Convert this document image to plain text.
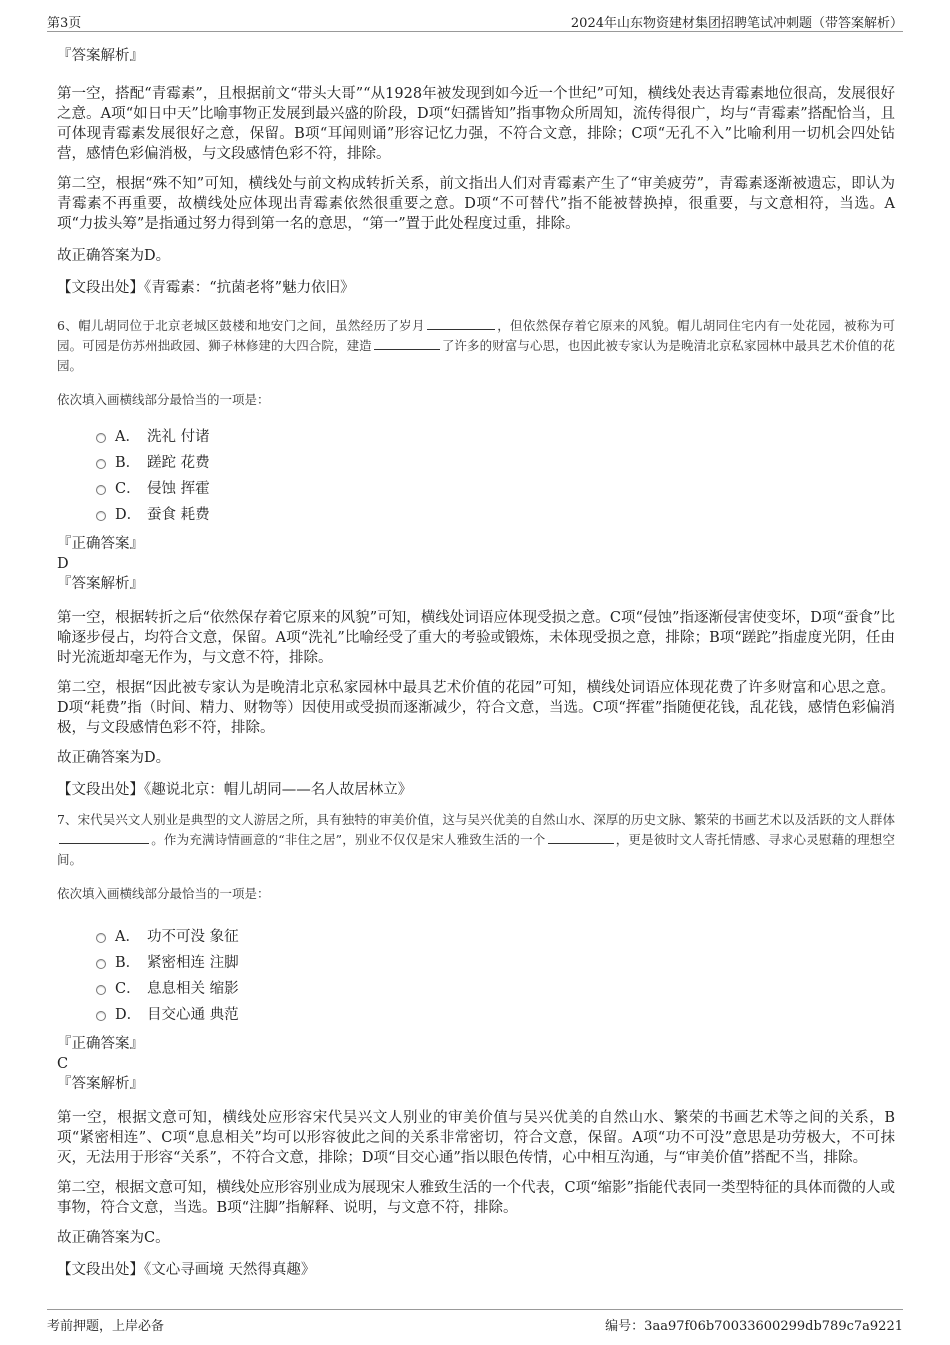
第3页	2024年山东物资建材集团招聘笔试冲刺题（带答案解析）
『答案解析』
第一空，搭配“青霉素”，且根据前文“带头大哥”“从1928年被发现到如今近一个世纪”可知，横线处表达青霉素地位很高，发展很好之意。A项“如日中天”比喻事物正发展到最兴盛的阶段，D项“妇孺皆知”指事物众所周知，流传得很广，均与“青霉素”搭配恰当，且可体现青霉素发展很好之意，保留。B项“耳闻则诵”形容记忆力强，不符合文意，排除；C项“无孔不入”比喻利用一切机会四处钻营，感情色彩偏消极，与文段感情色彩不符，排除。
第二空，根据“殊不知”可知，横线处与前文构成转折关系，前文指出人们对青霉素产生了“审美疲劳”，青霉素逐渐被遗忘，即认为青霉素不再重要，故横线处应体现出青霉素依然很重要之意。D项“不可替代”指不能被替换掉，很重要，与文意相符，当选。A项“力拔头筹”是指通过努力得到第一名的意思，“第一”置于此处程度过重，排除。
故正确答案为D。
【文段出处】《青霉素：“抗菌老将”魅力依旧》
6、帽儿胡同位于北京老城区鼓楼和地安门之间，虽然经历了岁月	，但依然保存着它原来的风貌。帽儿胡同住宅内有一处花园，被称为可园。可园是仿苏州拙政园、狮子林修建的大四合院，建造	了许多的财富与心思，也因此被专家认为是晚清北京私家园林中最具艺术价值的花园。
依次填入画横线部分最恰当的一项是：
A． 洗礼 付诸
B． 蹉跎 花费
C． 侵蚀 挥霍
D． 蚕食 耗费
『正确答案』
D
『答案解析』
第一空，根据转折之后“依然保存着它原来的风貌”可知，横线处词语应体现受损之意。C项“侵蚀”指逐渐侵害使变坏，D项“蚕食”比喻逐步侵占，均符合文意，保留。A项“洗礼”比喻经受了重大的考验或锻炼，未体现受损之意，排除；B项“蹉跎”指虚度光阴，任由时光流逝却毫无作为，与文意不符，排除。
第二空，根据“因此被专家认为是晚清北京私家园林中最具艺术价值的花园”可知，横线处词语应体现花费了许多财富和心思之意。D项“耗费”指（时间、精力、财物等）因使用或受损而逐渐减少，符合文意，当选。C项“挥霍”指随便花钱，乱花钱，感情色彩偏消极，与文段感情色彩不符，排除。
故正确答案为D。
【文段出处】《趣说北京：帽儿胡同——名人故居林立》
7、宋代吴兴文人别业是典型的文人游居之所，具有独特的审美价值，这与吴兴优美的自然山水、深厚的历史文脉、繁荣的书画艺术以及活跃的文人群体。作为充满诗情画意的“非住之居”，别业不仅仅是宋人雅致生活的一个	，更是彼时文人寄托情感、寻求心灵慰藉的理想空间。
依次填入画横线部分最恰当的一项是：
A． 功不可没 象征
B． 紧密相连 注脚
C． 息息相关 缩影
D． 目交心通 典范
『正确答案』
C
『答案解析』
第一空，根据文意可知，横线处应形容宋代吴兴文人别业的审美价值与吴兴优美的自然山水、繁荣的书画艺术等之间的关系，B项“紧密相连”、C项“息息相关”均可以形容彼此之间的关系非常密切，符合文意，保留。A项“功不可没”意思是功劳极大，不可抹灭，无法用于形容“关系”，不符合文意，排除；D项“目交心通”指以眼色传情，心中相互沟通，与“审美价值”搭配不当，排除。
第二空，根据文意可知，横线处应形容别业成为展现宋人雅致生活的一个代表，C项“缩影”指能代表同一类型特征的具体而微的人或事物，符合文意，当选。B项“注脚”指解释、说明，与文意不符，排除。
故正确答案为C。
【文段出处】《文心寻画境 天然得真趣》
考前押题，上岸必备	编号：3aa97f06b70033600299db789c7a9221
